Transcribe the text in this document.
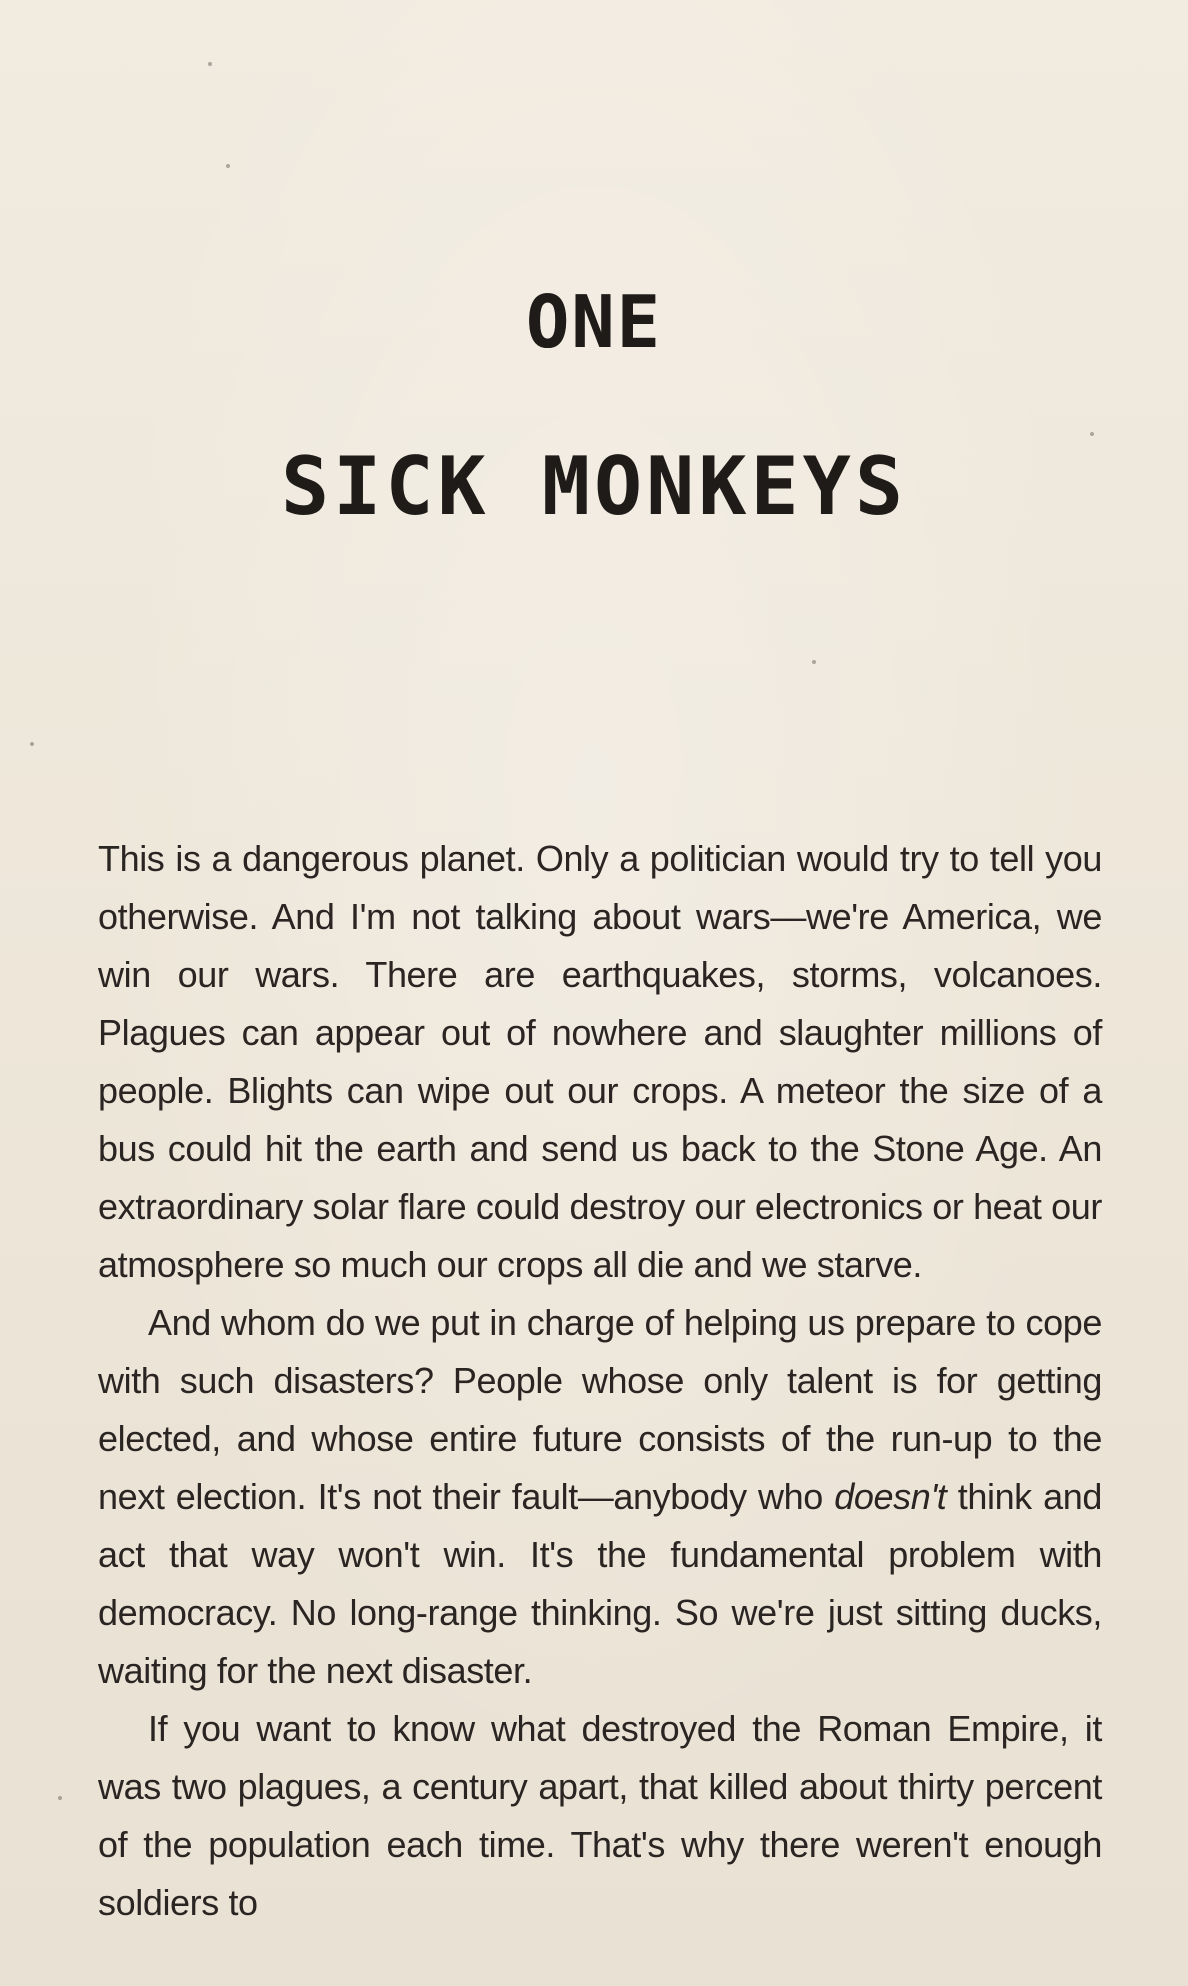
ONE
SICK MONKEYS

This is a dangerous planet. Only a politician would try to tell you otherwise. And I'm not talking about wars—we're America, we win our wars. There are earthquakes, storms, volcanoes. Plagues can appear out of nowhere and slaughter millions of people. Blights can wipe out our crops. A meteor the size of a bus could hit the earth and send us back to the Stone Age. An extraordinary solar flare could destroy our electronics or heat our atmosphere so much our crops all die and we starve.

And whom do we put in charge of helping us prepare to cope with such disasters? People whose only talent is for getting elected, and whose entire future consists of the run-up to the next election. It's not their fault—anybody who doesn't think and act that way won't win. It's the fundamental problem with democracy. No long-range thinking. So we're just sitting ducks, waiting for the next disaster.

If you want to know what destroyed the Roman Empire, it was two plagues, a century apart, that killed about thirty percent of the population each time. That's why there weren't enough soldiers to
